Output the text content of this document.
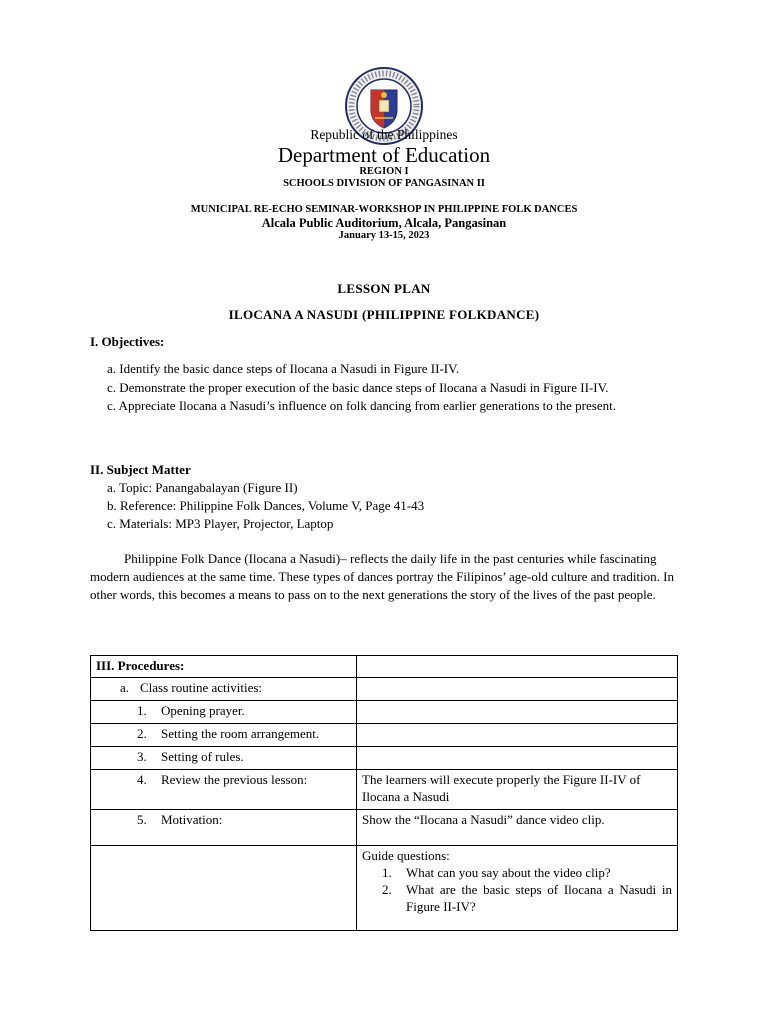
Republic of the Philippines
Department of Education
REGION I
SCHOOLS DIVISION OF PANGASINAN II
MUNICIPAL RE-ECHO SEMINAR-WORKSHOP IN PHILIPPINE FOLK DANCES
Alcala Public Auditorium, Alcala, Pangasinan
January 13-15, 2023
LESSON PLAN
ILOCANA A NASUDI (PHILIPPINE FOLKDANCE)
I. Objectives:

a. Identify the basic dance steps of Ilocana a Nasudi in Figure II-IV.

c. Demonstrate the proper execution of the basic dance steps of Ilocana a Nasudi in Figure II-IV.

c. Appreciate Ilocana a Nasudi’s influence on folk dancing from earlier generations to the present.

II. Subject Matter

a. Topic: Panangabalayan (Figure II)

b. Reference: Philippine Folk Dances, Volume V, Page 41-43

c. Materials: MP3 Player, Projector, Laptop

Philippine Folk Dance (Ilocana a Nasudi)– reflects the daily life in the past centuries while fascinating modern audiences at the same time. These types of dances portray the Filipinos’ age-old culture and tradition. In other words, this becomes a means to pass on to the next generations the story of the lives of the past people.
III. Procedures:	

a. Class routine activities:	

1. Opening prayer.	

2. Setting the room arrangement.	

3. Setting of rules.	

4. Review the previous lesson:	The learners will execute properly the Figure II-IV of Ilocana a Nasudi

5. Motivation:	Show the “Ilocana a Nasudi” dance video clip.

	Guide questions:
1. What can you say about the video clip?
2. What are the basic steps of Ilocana a Nasudi in Figure II-IV?
